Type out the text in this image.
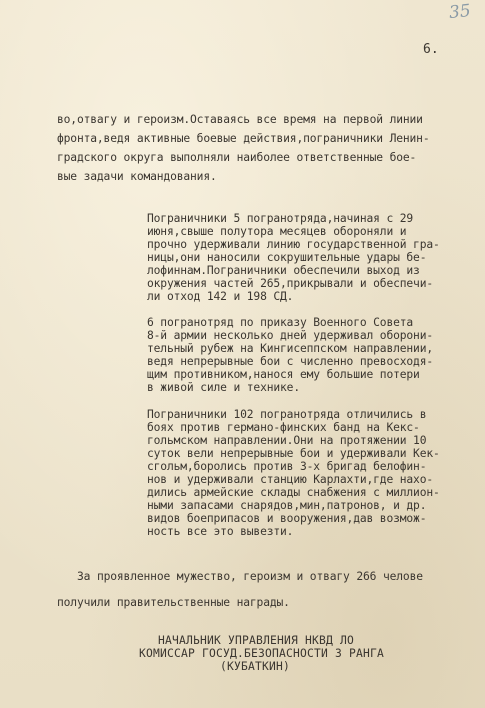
35
6.
во,отвагу и героизм.Оставаясь все время на первой линии
фронта,ведя активные боевые действия,пограничники Ленин-
градского округа выполняли наиболее ответственные бое-
вые задачи командования.
Пограничники 5 погранотряда,начиная с 29
июня,свыше полутора месяцев обороняли и
прочно удерживали линию государственной гра-
ницы,они наносили сокрушительные удары бе-
лофиннам.Пограничники обеспечили выход из
окружения частей 265,прикрывали и обеспечи-
ли отход 142 и 198 СД.
6 погранотряд по приказу Военного Совета
8-й армии несколько дней удерживал оборони-
тельный рубеж на Кингисеппском направлении,
ведя непрерывные бои с численно превосходя-
щим противником,нанося ему большие потери
в живой силе и технике.
Пограничники 102 погранотряда отличились в
боях против германо-финских банд на Кекс-
гольмском направлении.Они на протяжении 10
суток вели непрерывные бои и удерживали Кек-
сгольм,боролись против 3-х бригад белофин-
нов и удерживали станцию Карлахти,где нахо-
дились армейские склады снабжения с миллион-
ными запасами снарядов,мин,патронов, и др.
видов боеприпасов и вооружения,дав возмож-
ность все это вывезти.
За проявленное мужество, героизм и отвагу 266 челове
получили правительственные награды.
НАЧАЛЬНИК УПРАВЛЕНИЯ НКВД ЛО
КОМИССАР ГОСУД.БЕЗОПАСНОСТИ 3 РАНГА
(КУБАТКИН)
